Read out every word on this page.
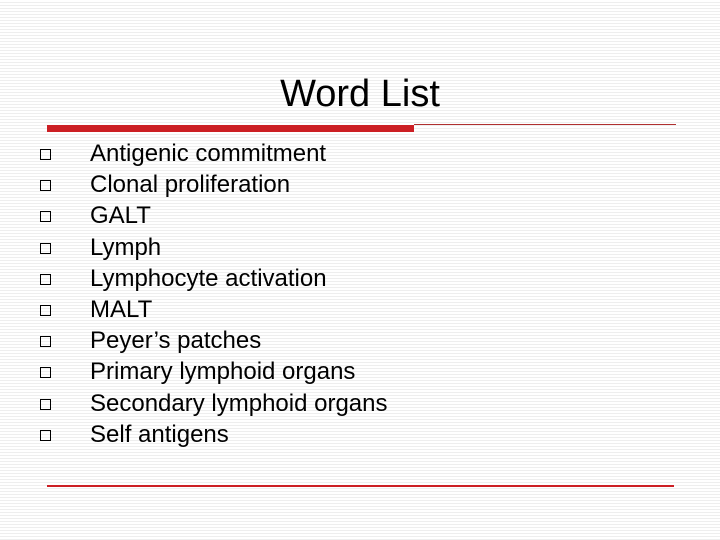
Word List
Antigenic commitment
Clonal proliferation
GALT
Lymph
Lymphocyte activation
MALT
Peyer’s patches
Primary lymphoid organs
Secondary lymphoid organs
Self antigens
